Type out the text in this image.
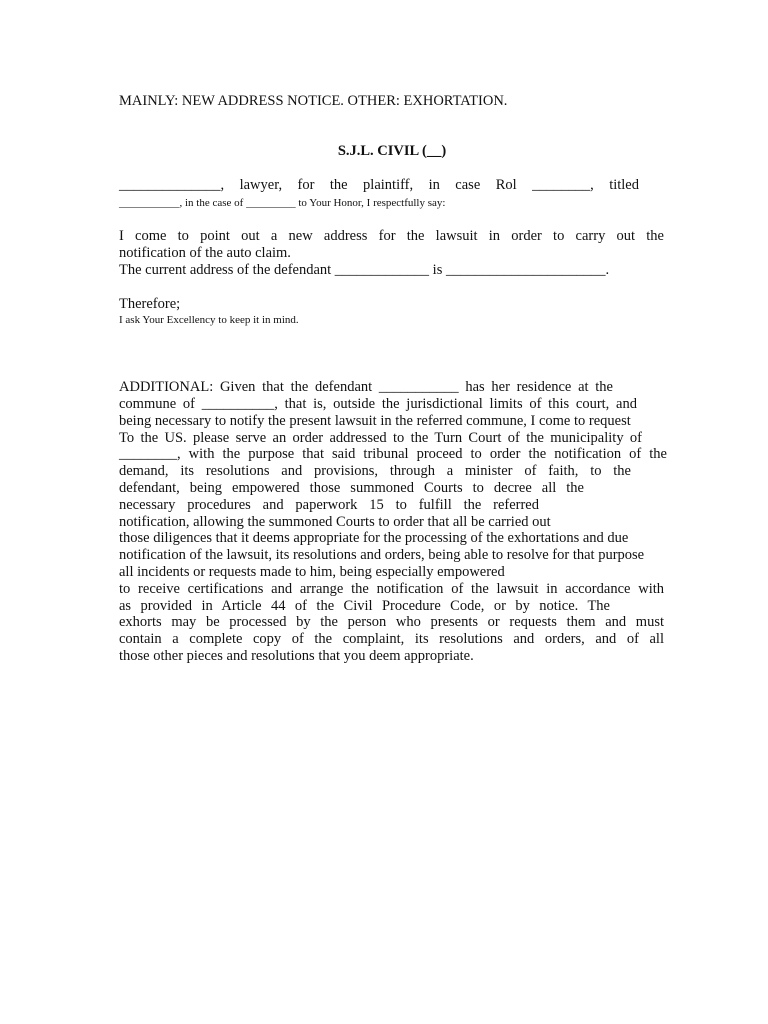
MAINLY: NEW ADDRESS NOTICE. OTHER: EXHORTATION.
S.J.L. CIVIL (__)
______________, lawyer, for the plaintiff, in case Rol ________, titled
___________, in the case of _________ to Your Honor, I respectfully say:
I come to point out a new address for the lawsuit in order to carry out the
notification of the auto claim.
The current address of the defendant _____________ is ______________________.
Therefore;
I ask Your Excellency to keep it in mind.
ADDITIONAL: Given that the defendant ___________ has her residence at the
commune of __________, that is, outside the jurisdictional limits of this court, and
being necessary to notify the present lawsuit in the referred commune, I come to request
To the US. please serve an order addressed to the Turn Court of the municipality of
________, with the purpose that said tribunal proceed to order the notification of the
demand, its resolutions and provisions, through a minister of faith, to the
defendant, being empowered those summoned Courts to decree all the
necessary procedures and paperwork 15 to fulfill the referred
notification, allowing the summoned Courts to order that all be carried out
those diligences that it deems appropriate for the processing of the exhortations and due
notification of the lawsuit, its resolutions and orders, being able to resolve for that purpose
all incidents or requests made to him, being especially empowered
to receive certifications and arrange the notification of the lawsuit in accordance with
as provided in Article 44 of the Civil Procedure Code, or by notice. The
exhorts may be processed by the person who presents or requests them and must
contain a complete copy of the complaint, its resolutions and orders, and of all
those other pieces and resolutions that you deem appropriate.
